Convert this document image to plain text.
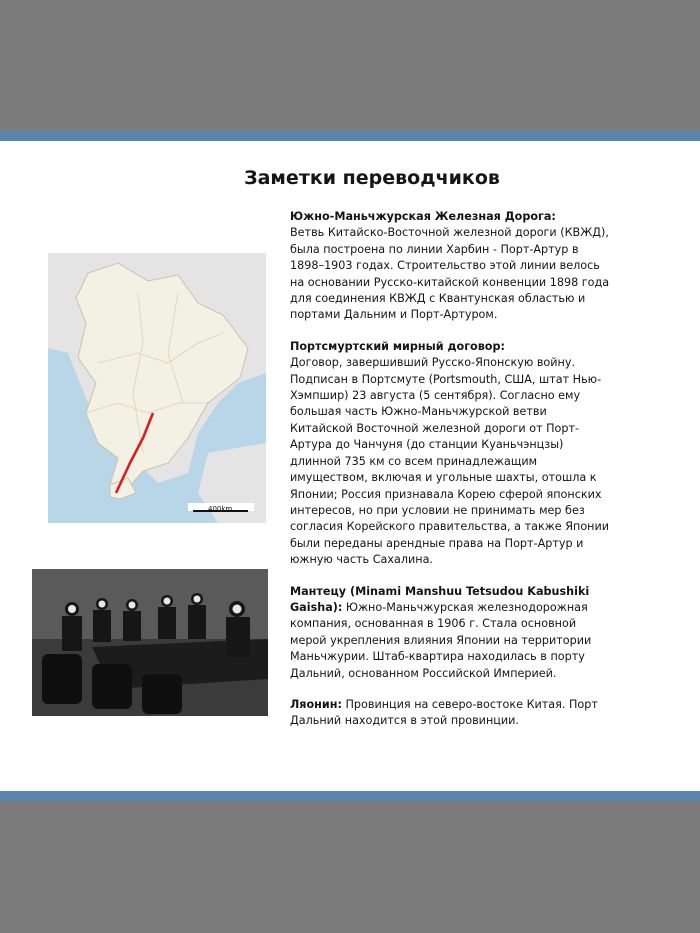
Заметки переводчиков
400km

Южно-Маньчжурская Железная Дорога:
Ветвь Китайско-Восточной железной дороги (КВЖД), была построена по линии Харбин - Порт-Артур в 1898–1903 годах. Строительство этой линии велось на основании Русско-китайской конвенции 1898 года для соединения КВЖД с Квантунская областью и портами Дальним и Порт-Артуром.

Портсмуртский мирный договор:
Договор, завершивший Русско-Японскую войну. Подписан в Портсмуте (Portsmouth, США, штат Нью-Хэмпшир) 23 августа (5 сентября). Согласно ему большая часть Южно-Маньчжурской ветви Китайской Восточной железной дороги от Порт-Артура до Чанчуня (до станции Куаньчэнцзы) длинной 735 км со всем принадлежащим имуществом, включая и угольные шахты, отошла к Японии; Россия признавала Корею сферой японских интересов, но при условии не принимать мер без согласия Корейского правительства, а также Японии были переданы арендные права на Порт-Артур и южную часть Сахалина.

Мантецу (Minami Manshuu Tetsudou Kabushiki Gaisha): Южно-Маньчжурская железнодорожная компания, основанная в 1906 г. Стала основной мерой укрепления влияния Японии на территории Маньчжурии. Штаб-квартира находилась в порту Дальний, основанном Российской Империей.

Ляонин: Провинция на северо-востоке Китая. Порт Дальний находится в этой провинции.
